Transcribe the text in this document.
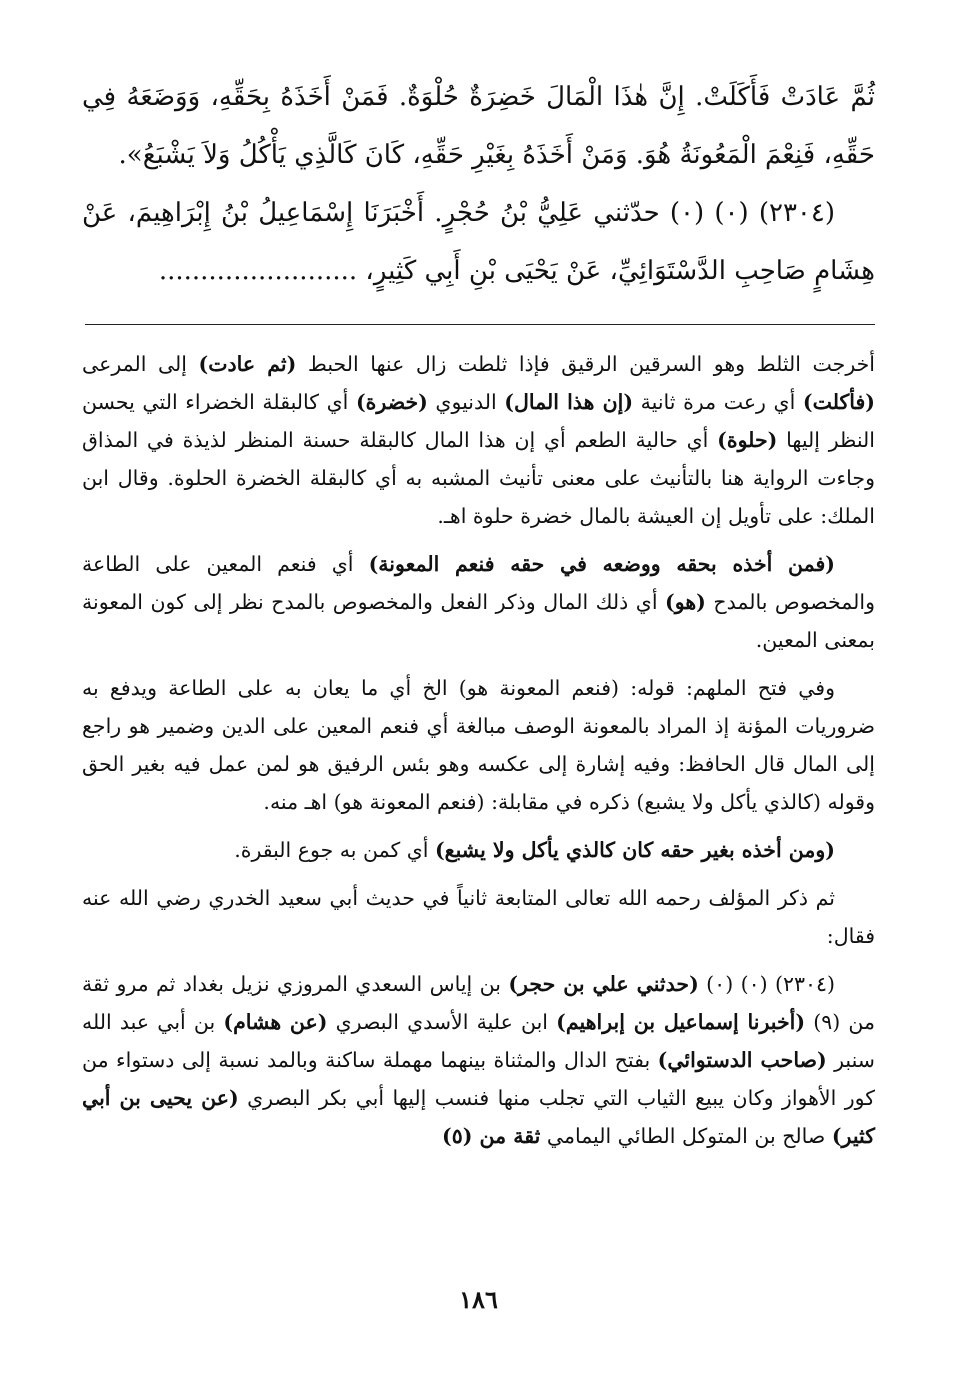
ثُمَّ عَادَتْ فَأَكَلَتْ. إِنَّ هٰذَا الْمَالَ خَضِرَةٌ حُلْوَةٌ. فَمَنْ أَخَذَهُ بِحَقِّهِ، وَوَضَعَهُ فِي حَقِّهِ، فَنِعْمَ الْمَعُونَةُ هُوَ. وَمَنْ أَخَذَهُ بِغَيْرِ حَقِّهِ، كَانَ كَالَّذِي يَأْكُلُ وَلاَ يَشْبَعُ».

(٢٣٠٤) (٠) (٠) حدّثني عَلِيُّ بْنُ حُجْرٍ. أَخْبَرَنَا إِسْمَاعِيلُ بْنُ إِبْرَاهِيمَ، عَنْ هِشَامٍ صَاحِبِ الدَّسْتَوَائِيِّ، عَنْ يَحْيَى بْنِ أَبِي كَثِيرٍ، ........................

أخرجت الثلط وهو السرقين الرقيق فإذا ثلطت زال عنها الحبط (ثم عادت) إلى المرعى (فأكلت) أي رعت مرة ثانية (إن هذا المال) الدنيوي (خضرة) أي كالبقلة الخضراء التي يحسن النظر إليها (حلوة) أي حالية الطعم أي إن هذا المال كالبقلة حسنة المنظر لذيذة في المذاق وجاءت الرواية هنا بالتأنيث على معنى تأنيث المشبه به أي كالبقلة الخضرة الحلوة. وقال ابن الملك: على تأويل إن العيشة بالمال خضرة حلوة اهـ.

(فمن أخذه بحقه ووضعه في حقه فنعم المعونة) أي فنعم المعين على الطاعة والمخصوص بالمدح (هو) أي ذلك المال وذكر الفعل والمخصوص بالمدح نظر إلى كون المعونة بمعنى المعين.

وفي فتح الملهم: قوله: (فنعم المعونة هو) الخ أي ما يعان به على الطاعة ويدفع به ضروريات المؤنة إذ المراد بالمعونة الوصف مبالغة أي فنعم المعين على الدين وضمير هو راجع إلى المال قال الحافظ: وفيه إشارة إلى عكسه وهو بئس الرفيق هو لمن عمل فيه بغير الحق وقوله (كالذي يأكل ولا يشبع) ذكره في مقابلة: (فنعم المعونة هو) اهـ منه.

(ومن أخذه بغير حقه كان كالذي يأكل ولا يشبع) أي كمن به جوع البقرة.

ثم ذكر المؤلف رحمه الله تعالى المتابعة ثانياً في حديث أبي سعيد الخدري رضي الله عنه فقال:

(٢٣٠٤) (٠) (٠) (حدثني علي بن حجر) بن إياس السعدي المروزي نزيل بغداد ثم مرو ثقة من (٩) (أخبرنا إسماعيل بن إبراهيم) ابن علية الأسدي البصري (عن هشام) بن أبي عبد الله سنبر (صاحب الدستوائي) بفتح الدال والمثناة بينهما مهملة ساكنة وبالمد نسبة إلى دستواء من كور الأهواز وكان يبيع الثياب التي تجلب منها فنسب إليها أبي بكر البصري (عن يحيى بن أبي كثير) صالح بن المتوكل الطائي اليمامي ثقة من (٥)

١٨٦
